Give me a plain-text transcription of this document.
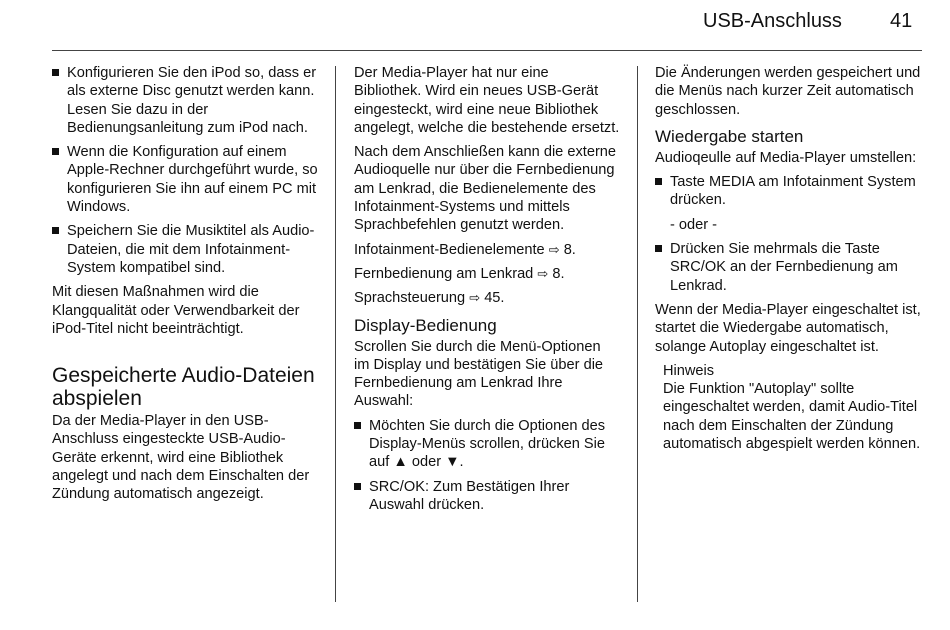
USB-Anschluss 41
Konfigurieren Sie den iPod so, dass er als externe Disc genutzt werden kann. Lesen Sie dazu in der Bedienungsanleitung zum iPod nach.
Wenn die Konfiguration auf einem Apple-Rechner durchgeführt wurde, so konfigurieren Sie ihn auf einem PC mit Windows.
Speichern Sie die Musiktitel als Audio-Dateien, die mit dem Infotainment-System kompatibel sind.

Mit diesen Maßnahmen wird die Klangqualität oder Verwendbarkeit der iPod-Titel nicht beeinträchtigt.

Gespeicherte Audio-Dateien abspielen

Da der Media-Player in den USB-Anschluss eingesteckte USB-Audio-Geräte erkennt, wird eine Bibliothek angelegt und nach dem Einschalten der Zündung automatisch angezeigt.

Der Media-Player hat nur eine Bibliothek. Wird ein neues USB-Gerät eingesteckt, wird eine neue Bibliothek angelegt, welche die bestehende ersetzt.

Nach dem Anschließen kann die externe Audioquelle nur über die Fernbedienung am Lenkrad, die Bedienelemente des Infotainment-Systems und mittels Sprachbefehlen genutzt werden.

Infotainment-Bedienelemente ⇨ 8.

Fernbedienung am Lenkrad ⇨ 8.

Sprachsteuerung ⇨ 45.

Display-Bedienung

Scrollen Sie durch die Menü-Optionen im Display und bestätigen Sie über die Fernbedienung am Lenkrad Ihre Auswahl:

Möchten Sie durch die Optionen des Display-Menüs scrollen, drücken Sie auf ▲ oder ▼.
SRC/OK: Zum Bestätigen Ihrer Auswahl drücken.

Die Änderungen werden gespeichert und die Menüs nach kurzer Zeit automatisch geschlossen.

Wiedergabe starten

Audioqeulle auf Media-Player umstellen:

Taste MEDIA am Infotainment System drücken.

- oder -

Drücken Sie mehrmals die Taste SRC/OK an der Fernbedienung am Lenkrad.

Wenn der Media-Player eingeschaltet ist, startet die Wiedergabe automatisch, solange Autoplay eingeschaltet ist.

Hinweis

Die Funktion "Autoplay" sollte eingeschaltet werden, damit Audio-Titel nach dem Einschalten der Zündung automatisch abgespielt werden können.
